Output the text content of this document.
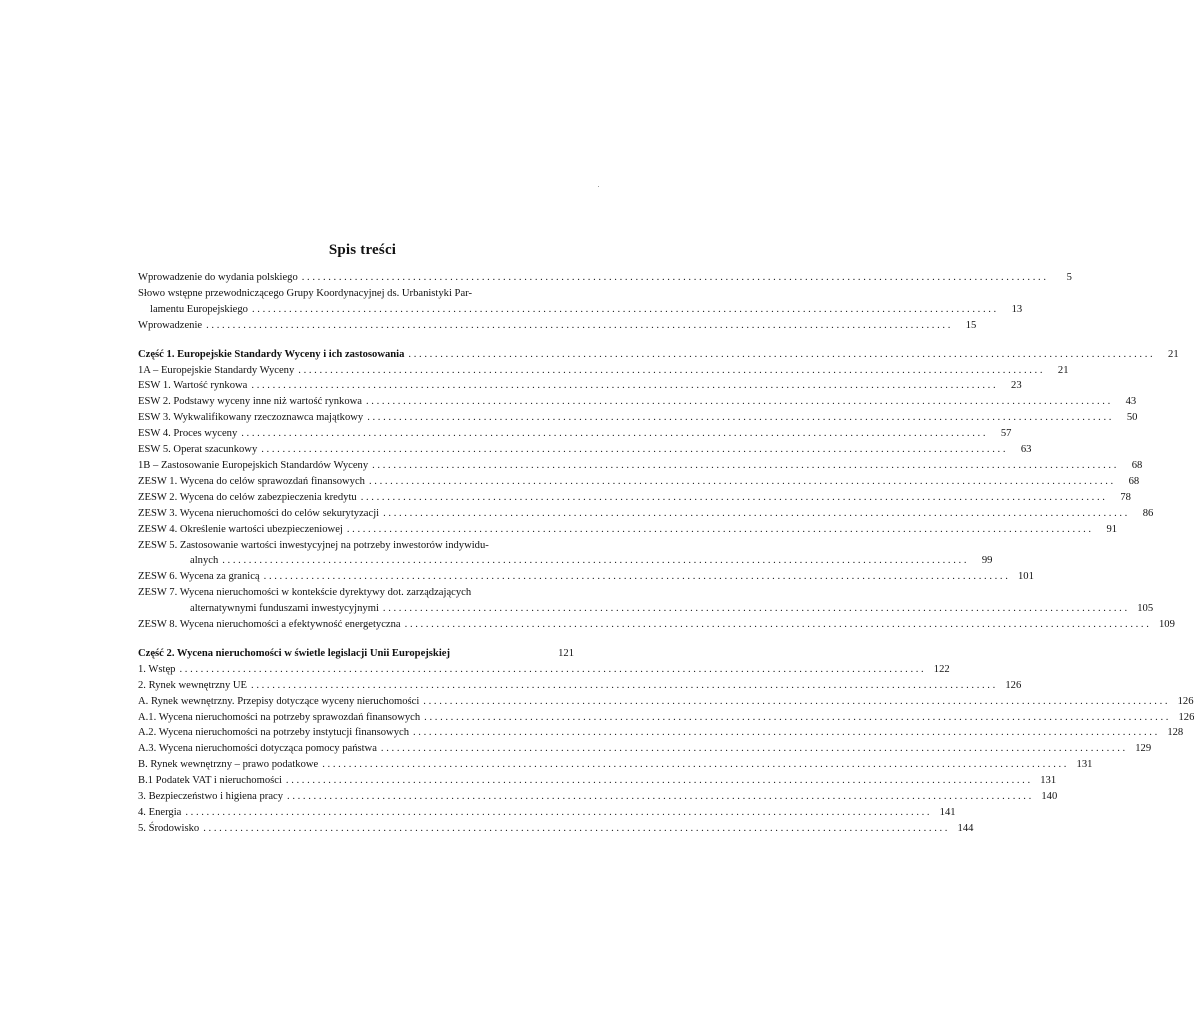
Spis treści
Wprowadzenie do wydania polskiego . . .	5
Słowo wstępne przewodniczącego Grupy Koordynacyjnej ds. Urbanistyki Par-
lamentu Europejskiego . . .	13
Wprowadzenie . . .	15
Część 1. Europejskie Standardy Wyceny i ich zastosowania . . .	21
1A – Europejskie Standardy Wyceny . . .	21
ESW 1. Wartość rynkowa . . .	23
ESW 2. Podstawy wyceny inne niż wartość rynkowa . . .	43
ESW 3. Wykwalifikowany rzeczoznawca majątkowy . . .	50
ESW 4. Proces wyceny . . .	57
ESW 5. Operat szacunkowy . . .	63
1B – Zastosowanie Europejskich Standardów Wyceny . . .	68
ZESW 1. Wycena do celów sprawozdań finansowych . . .	68
ZESW 2. Wycena do celów zabezpieczenia kredytu . . .	78
ZESW 3. Wycena nieruchomości do celów sekurytyzacji . . .	86
ZESW 4. Określenie wartości ubezpieczeniowej . . .	91
ZESW 5. Zastosowanie wartości inwestycyjnej na potrzeby inwestorów indywidu-
alnych . . .	99
ZESW 6. Wycena za granicą . . .	101
ZESW 7. Wycena nieruchomości w kontekście dyrektywy dot. zarządzających
alternatywnymi funduszami inwestycyjnymi . . .	105
ZESW 8. Wycena nieruchomości a efektywność energetyczna . . .	109
Część 2. Wycena nieruchomości w świetle legislacji Unii Europejskiej	121
1. Wstęp . . .	122
2. Rynek wewnętrzny UE . . .	126
A. Rynek wewnętrzny. Przepisy dotyczące wyceny nieruchomości . . .	126
A.1. Wycena nieruchomości na potrzeby sprawozdań finansowych . . .	126
A.2. Wycena nieruchomości na potrzeby instytucji finansowych . . .	128
A.3. Wycena nieruchomości dotycząca pomocy państwa . . .	129
B. Rynek wewnętrzny – prawo podatkowe . . .	131
B.1 Podatek VAT i nieruchomości . . .	131
3. Bezpieczeństwo i higiena pracy . . .	140
4. Energia . . .	141
5. Środowisko . . .	144
